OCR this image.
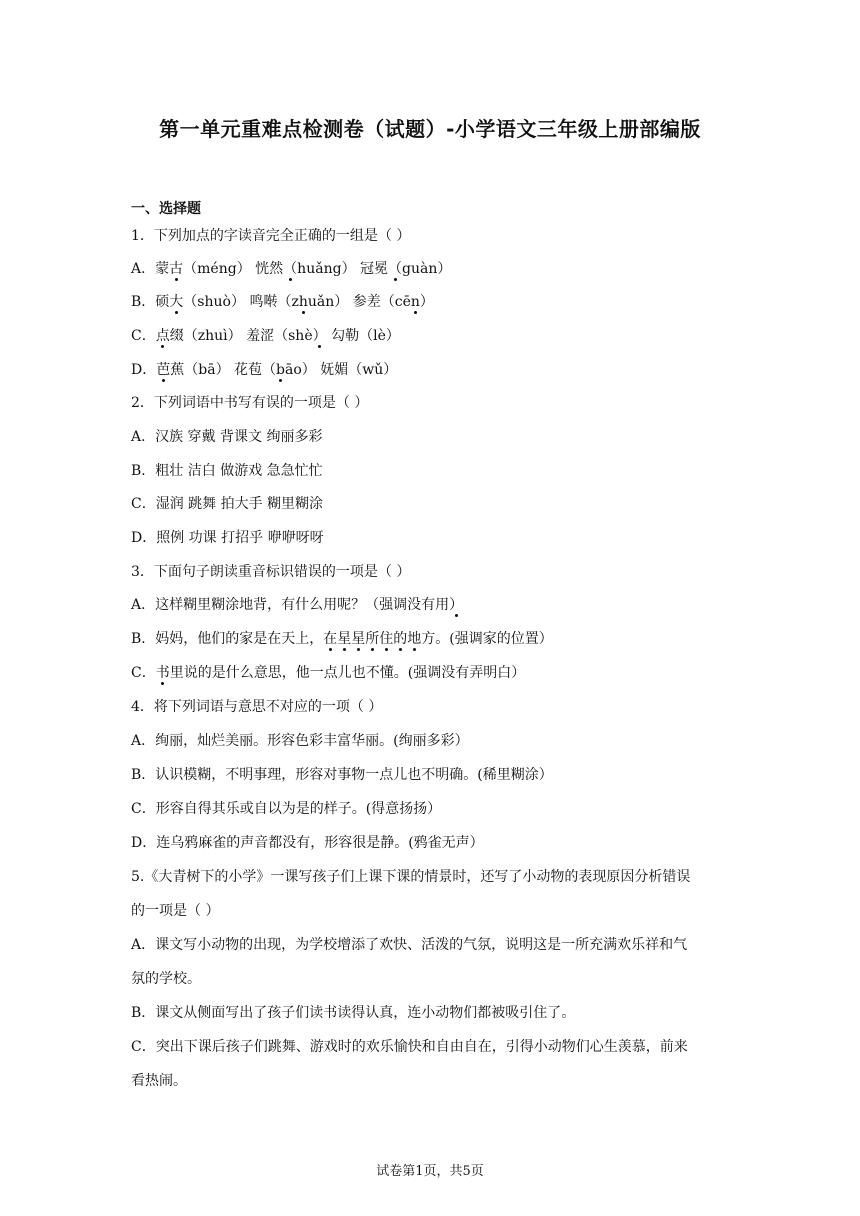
第一单元重难点检测卷（试题）-小学语文三年级上册部编版
一、选择题
1．下列加点的字读音完全正确的一组是（ ）
A．蒙古（méng） 恍然（huǎng） 冠冕（guàn）
B．硕大（shuò） 鸣啭（zhuǎn） 参差（cēn）
C．点缀（zhuì） 羞涩（shè） 勾勒（lè）
D．芭蕉（bā） 花苞（bāo） 妩媚（wǔ）
2．下列词语中书写有误的一项是（ ）
A．汉族 穿戴 背课文 绚丽多彩
B．粗壮 洁白 做游戏 急急忙忙
C．湿润 跳舞 拍大手 糊里糊涂
D．照例 功课 打招乎 咿咿呀呀
3．下面句子朗读重音标识错误的一项是（ ）
A．这样糊里糊涂地背，有什么用呢？（强调没有用）
B．妈妈，他们的家是在天上，在星星所住的地方。(强调家的位置）
C．书里说的是什么意思，他一点儿也不懂。(强调没有弄明白）
4．将下列词语与意思不对应的一项（ ）
A．绚丽，灿烂美丽。形容色彩丰富华丽。(绚丽多彩）
B．认识模糊，不明事理，形容对事物一点儿也不明确。(稀里糊涂）
C．形容自得其乐或自以为是的样子。(得意扬扬）
D．连乌鸦麻雀的声音都没有，形容很是静。(鸦雀无声）
5.《大青树下的小学》一课写孩子们上课下课的情景时，还写了小动物的表现原因分析错误
的一项是（ ）
A．课文写小动物的出现，为学校增添了欢快、活泼的气氛，说明这是一所充满欢乐祥和气
氛的学校。
B．课文从侧面写出了孩子们读书读得认真，连小动物们都被吸引住了。
C．突出下课后孩子们跳舞、游戏时的欢乐愉快和自由自在，引得小动物们心生羡慕，前来
看热闹。
试卷第1页，共5页
